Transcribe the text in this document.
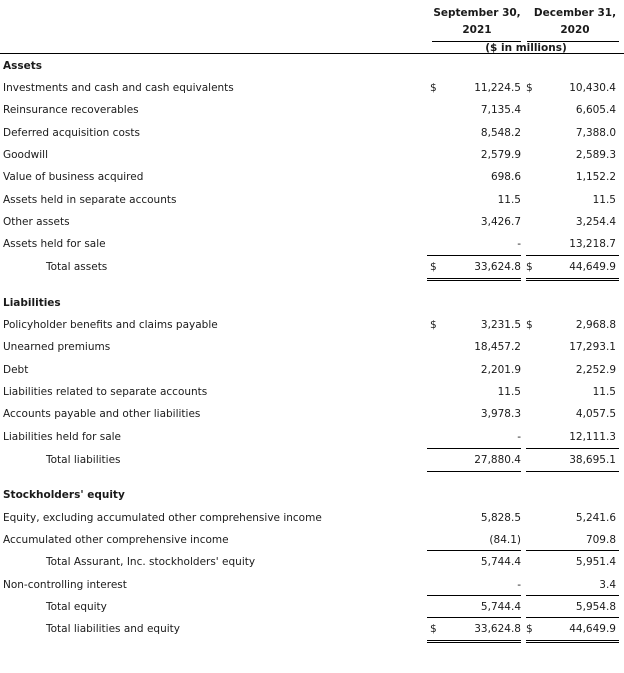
September 30,
2021
December 31,
2020
($ in millions)
Assets
Investments and cash and cash equivalents	$	11,224.5 $	10,430.4
Reinsurance recoverables	7,135.4	6,605.4
Deferred acquisition costs	8,548.2	7,388.0
Goodwill	2,579.9	2,589.3
Value of business acquired	698.6	1,152.2
Assets held in separate accounts	11.5	11.5
Other assets	3,426.7	3,254.4
Assets held for sale	-	13,218.7
Total assets	$	33,624.8 $	44,649.9
Liabilities
Policyholder benefits and claims payable	$	3,231.5 $	2,968.8
Unearned premiums	18,457.2	17,293.1
Debt	2,201.9	2,252.9
Liabilities related to separate accounts	11.5	11.5
Accounts payable and other liabilities	3,978.3	4,057.5
Liabilities held for sale	-	12,111.3
Total liabilities	27,880.4	38,695.1
Stockholders' equity
Equity, excluding accumulated other comprehensive income	5,828.5	5,241.6
Accumulated other comprehensive income	(84.1)	709.8
Total Assurant, Inc. stockholders' equity	5,744.4	5,951.4
Non-controlling interest	-	3.4
Total equity	5,744.4	5,954.8
Total liabilities and equity	$	33,624.8 $	44,649.9
